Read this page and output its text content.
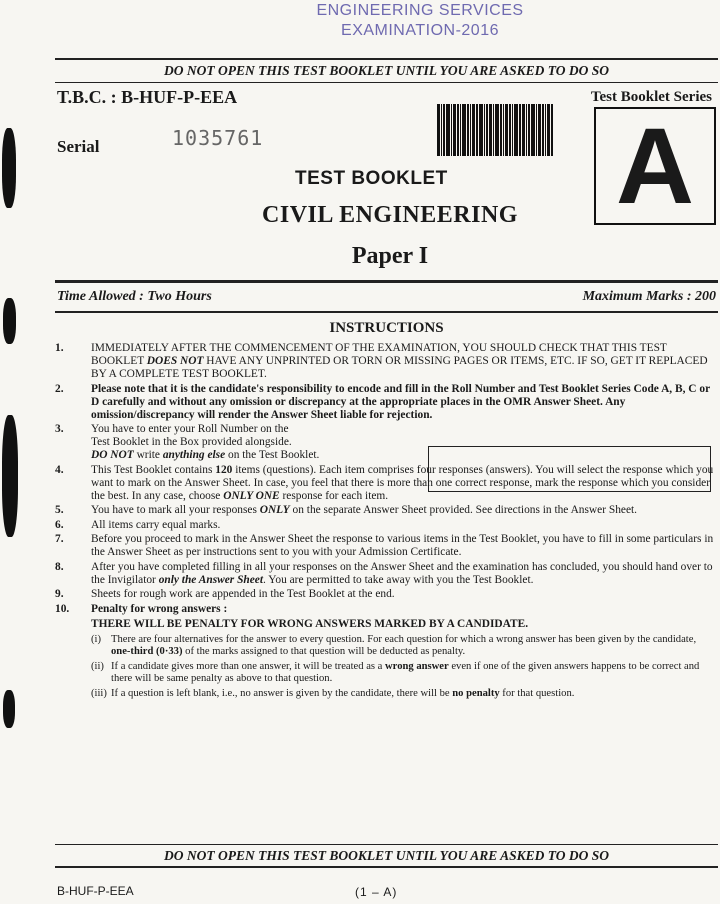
ENGINEERING SERVICES
EXAMINATION-2016
DO NOT OPEN THIS TEST BOOKLET UNTIL YOU ARE ASKED TO DO SO
T.B.C. : B-HUF-P-EEA	Test Booklet Series
Serial	1035761	A
TEST BOOKLET
CIVIL ENGINEERING
Paper I
Time Allowed : Two Hours	Maximum Marks : 200
INSTRUCTIONS
1. IMMEDIATELY AFTER THE COMMENCEMENT OF THE EXAMINATION, YOU SHOULD CHECK THAT THIS TEST BOOKLET DOES NOT HAVE ANY UNPRINTED OR TORN OR MISSING PAGES OR ITEMS, ETC. IF SO, GET IT REPLACED BY A COMPLETE TEST BOOKLET.
2. Please note that it is the candidate's responsibility to encode and fill in the Roll Number and Test Booklet Series Code A, B, C or D carefully and without any omission or discrepancy at the appropriate places in the OMR Answer Sheet. Any omission/discrepancy will render the Answer Sheet liable for rejection.
3. You have to enter your Roll Number on the
Test Booklet in the Box provided alongside.
DO NOT write anything else on the Test Booklet.
4. This Test Booklet contains 120 items (questions). Each item comprises four responses (answers). You will select the response which you want to mark on the Answer Sheet. In case, you feel that there is more than one correct response, mark the response which you consider the best. In any case, choose ONLY ONE response for each item.
5. You have to mark all your responses ONLY on the separate Answer Sheet provided. See directions in the Answer Sheet.
6. All items carry equal marks.
7. Before you proceed to mark in the Answer Sheet the response to various items in the Test Booklet, you have to fill in some particulars in the Answer Sheet as per instructions sent to you with your Admission Certificate.
8. After you have completed filling in all your responses on the Answer Sheet and the examination has concluded, you should hand over to the Invigilator only the Answer Sheet. You are permitted to take away with you the Test Booklet.
9. Sheets for rough work are appended in the Test Booklet at the end.
10. Penalty for wrong answers :
THERE WILL BE PENALTY FOR WRONG ANSWERS MARKED BY A CANDIDATE.
(i) There are four alternatives for the answer to every question. For each question for which a wrong answer has been given by the candidate, one-third (0·33) of the marks assigned to that question will be deducted as penalty.
(ii) If a candidate gives more than one answer, it will be treated as a wrong answer even if one of the given answers happens to be correct and there will be same penalty as above to that question.
(iii) If a question is left blank, i.e., no answer is given by the candidate, there will be no penalty for that question.
DO NOT OPEN THIS TEST BOOKLET UNTIL YOU ARE ASKED TO DO SO
B-HUF-P-EEA	(1 – A)
